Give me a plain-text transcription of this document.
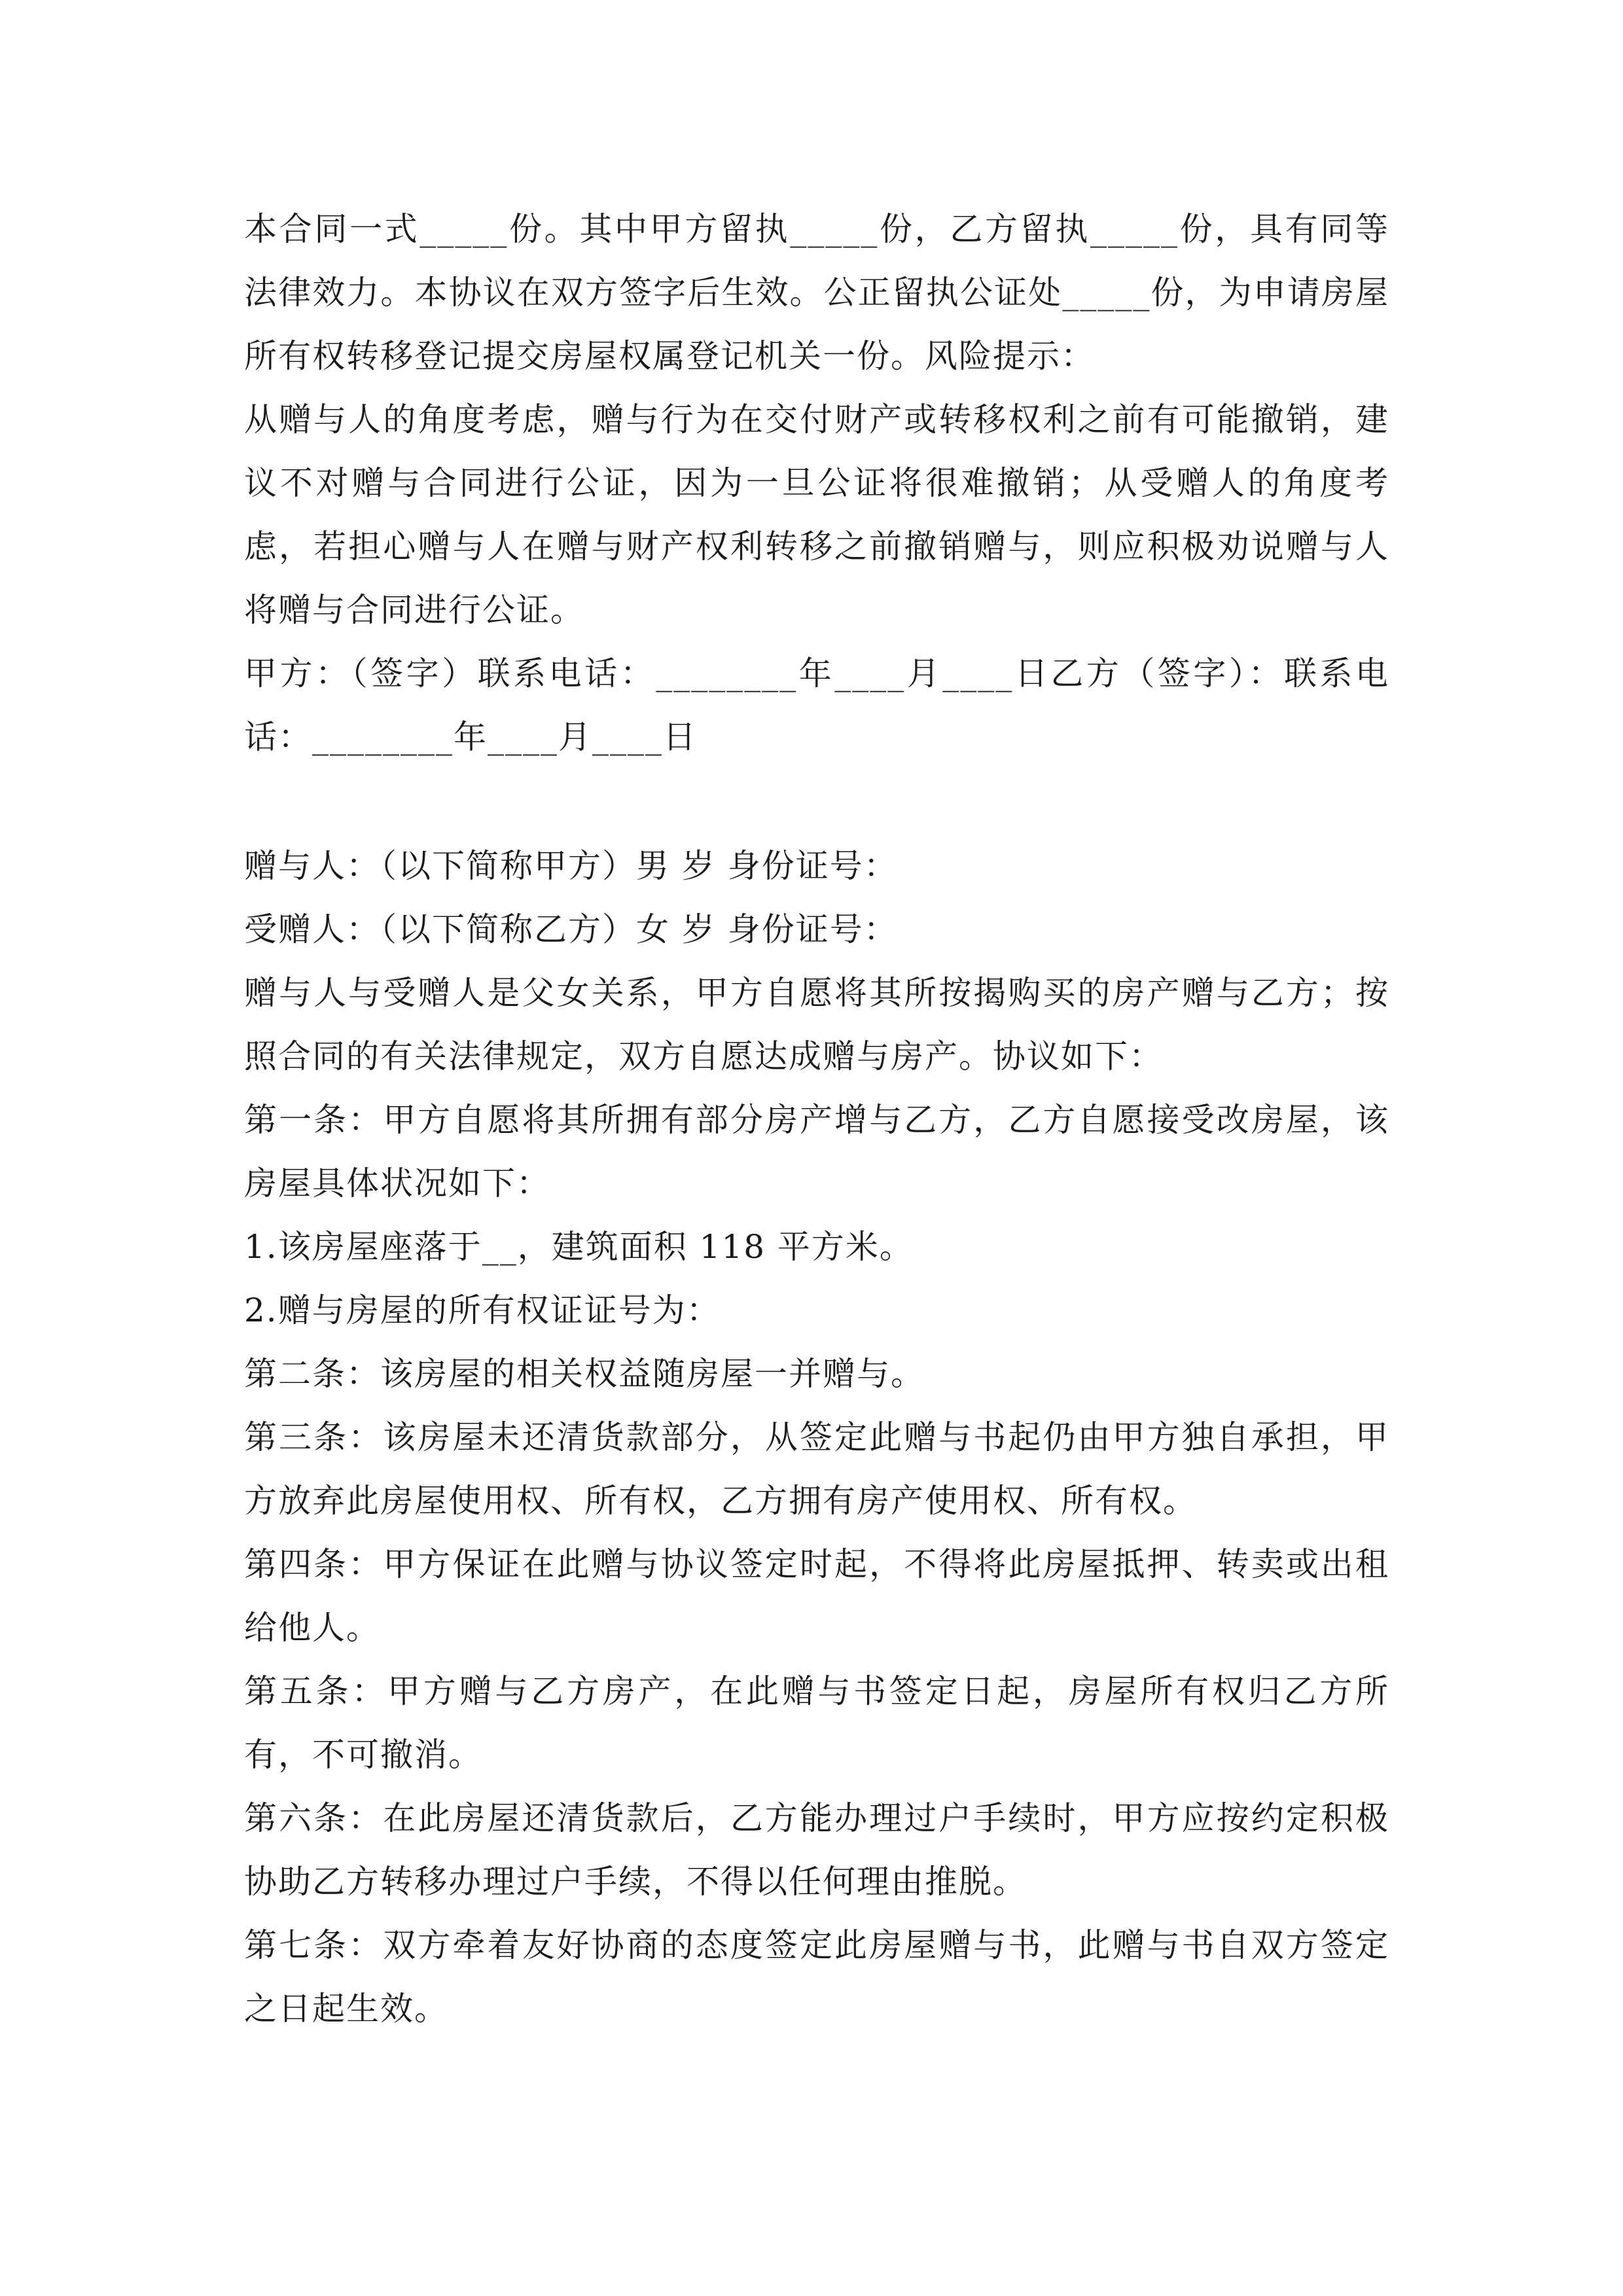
本合同一式_____份。其中甲方留执_____份，乙方留执_____份，具有同等法律效力。本协议在双方签字后生效。公正留执公证处_____份，为申请房屋所有权转移登记提交房屋权属登记机关一份。风险提示：

从赠与人的角度考虑，赠与行为在交付财产或转移权利之前有可能撤销，建议不对赠与合同进行公证，因为一旦公证将很难撤销；从受赠人的角度考虑，若担心赠与人在赠与财产权利转移之前撤销赠与，则应积极劝说赠与人将赠与合同进行公证。

甲方：（签字）联系电话：________年____月____日乙方（签字）：联系电话：________年____月____日

赠与人：（以下简称甲方）男 岁 身份证号：

受赠人：（以下简称乙方）女 岁 身份证号：

赠与人与受赠人是父女关系，甲方自愿将其所按揭购买的房产赠与乙方；按照合同的有关法律规定，双方自愿达成赠与房产。协议如下：

第一条：甲方自愿将其所拥有部分房产增与乙方，乙方自愿接受改房屋，该房屋具体状况如下：

1.该房屋座落于__，建筑面积 118 平方米。

2.赠与房屋的所有权证证号为：

第二条：该房屋的相关权益随房屋一并赠与。

第三条：该房屋未还清货款部分，从签定此赠与书起仍由甲方独自承担，甲方放弃此房屋使用权、所有权，乙方拥有房产使用权、所有权。

第四条：甲方保证在此赠与协议签定时起，不得将此房屋抵押、转卖或出租给他人。

第五条：甲方赠与乙方房产，在此赠与书签定日起，房屋所有权归乙方所有，不可撤消。

第六条：在此房屋还清货款后，乙方能办理过户手续时，甲方应按约定积极协助乙方转移办理过户手续，不得以任何理由推脱。

第七条：双方牵着友好协商的态度签定此房屋赠与书，此赠与书自双方签定之日起生效。
